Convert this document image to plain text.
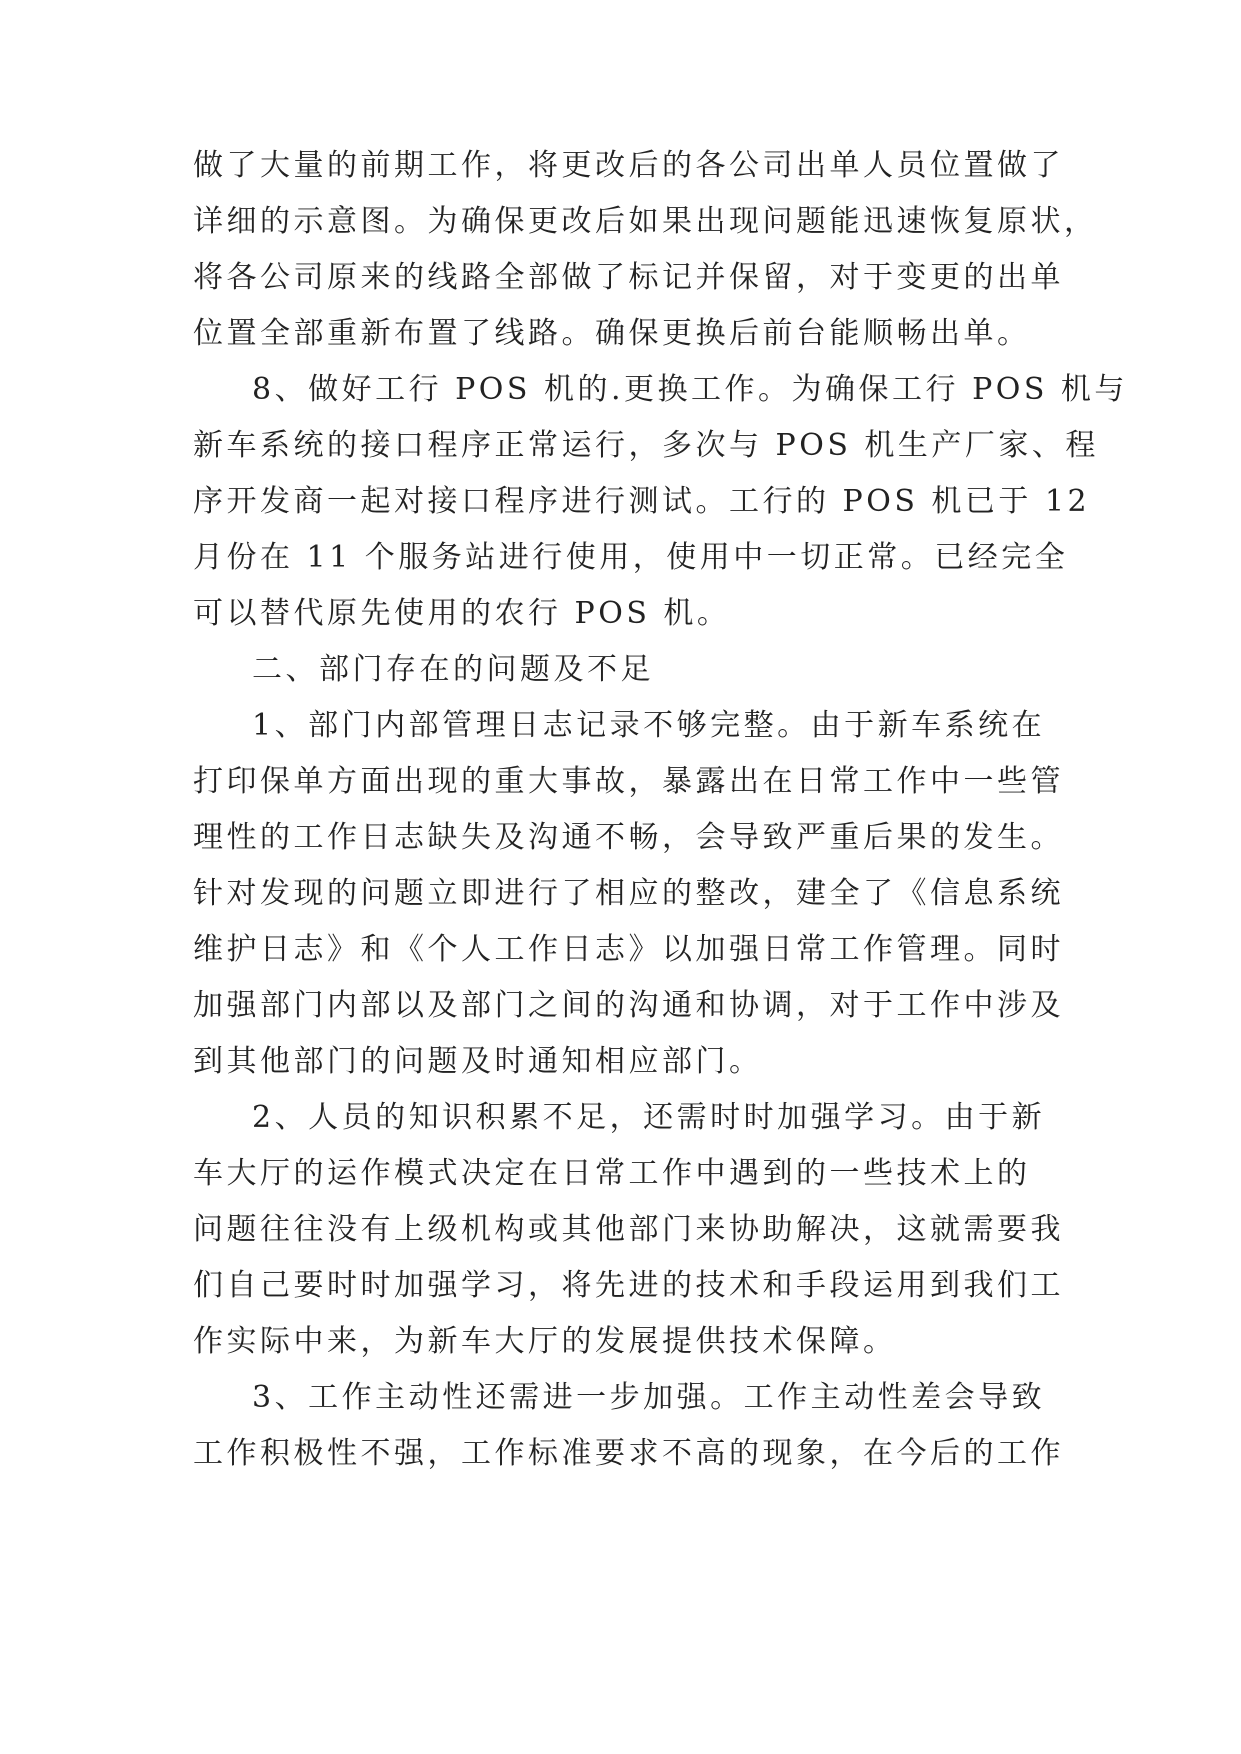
做了大量的前期工作，将更改后的各公司出单人员位置做了
详细的示意图。为确保更改后如果出现问题能迅速恢复原状，
将各公司原来的线路全部做了标记并保留，对于变更的出单
位置全部重新布置了线路。确保更换后前台能顺畅出单。
8、做好工行 POS 机的.更换工作。为确保工行 POS 机与
新车系统的接口程序正常运行，多次与 POS 机生产厂家、程
序开发商一起对接口程序进行测试。工行的 POS 机已于 12
月份在 11 个服务站进行使用，使用中一切正常。已经完全
可以替代原先使用的农行 POS 机。
二、部门存在的问题及不足
1、部门内部管理日志记录不够完整。由于新车系统在
打印保单方面出现的重大事故，暴露出在日常工作中一些管
理性的工作日志缺失及沟通不畅，会导致严重后果的发生。
针对发现的问题立即进行了相应的整改，建全了《信息系统
维护日志》和《个人工作日志》以加强日常工作管理。同时
加强部门内部以及部门之间的沟通和协调，对于工作中涉及
到其他部门的问题及时通知相应部门。
2、人员的知识积累不足，还需时时加强学习。由于新
车大厅的运作模式决定在日常工作中遇到的一些技术上的
问题往往没有上级机构或其他部门来协助解决，这就需要我
们自己要时时加强学习，将先进的技术和手段运用到我们工
作实际中来，为新车大厅的发展提供技术保障。
3、工作主动性还需进一步加强。工作主动性差会导致
工作积极性不强，工作标准要求不高的现象，在今后的工作
